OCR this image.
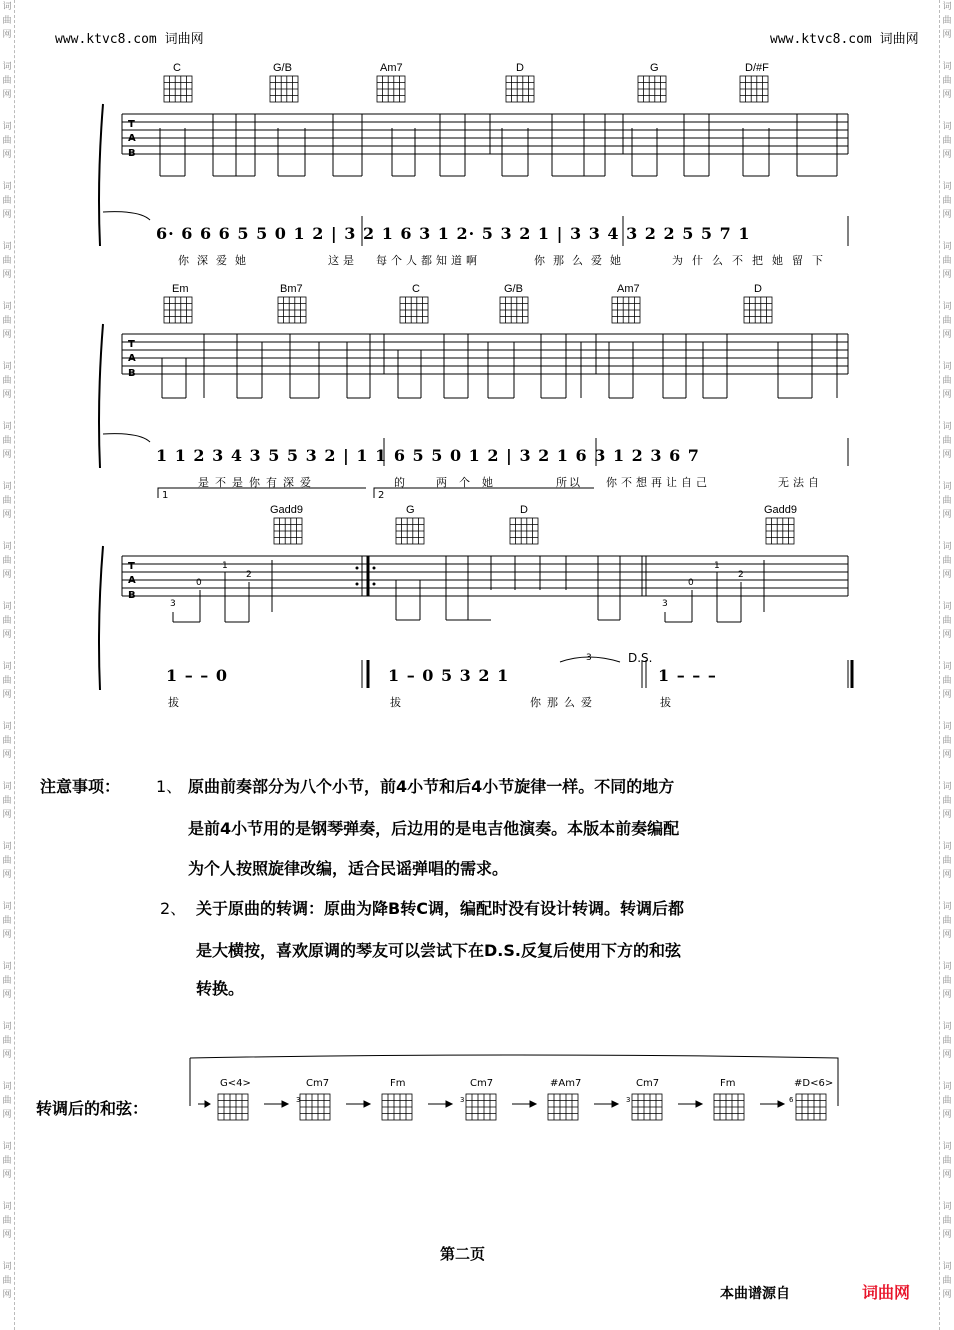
词
曲
网
词
曲
网
词
曲
网
词
曲
网
词
曲
网
词
曲
网
词
曲
网
词
曲
网
词
曲
网
词
曲
网
词
曲
网
词
曲
网
词
曲
网
词
曲
网
词
曲
网
词
曲
网
词
曲
网
词
曲
网
词
曲
网
词
曲
网
词
曲
网
词
曲
网
词
曲
网
词
曲
网
词
曲
网
词
曲
网
词
曲
网
词
曲
网
词
曲
网
词
曲
网
词
曲
网
词
曲
网
词
曲
网
词
曲
网
词
曲
网
词
曲
网
词
曲
网
词
曲
网
词
曲
网
词
曲
网
词
曲
网
词
曲
网
词
曲
网
词
曲
网
www.ktvc8.com 词曲网	www.ktvc8.com 词曲网
C	G/B	Am7	D	G	D/#F
T
A
B
Em	Bm7	C	G/B	Am7	D
T
A
B
1	2
Gadd9	G	D	Gadd9
T
A
B
3
0
1
2
3
0
1
2
D.S.
3
G<4>	Cm7	Fm	Cm7	#Am7	Cm7	Fm	#D<6>
3	3	3	6
6· 6 6 6 5 5 0 1 2 | 3 2 1 6 3 1 2· 5 3 2 1 | 3 3 4 3 2 2 5 5 7 1
1 1 2 3 4 3 5 5 3 2 | 1 1 6 5 5 0 1 2 | 3 2 1 6 3 1 2 3 6 7
1 – – 0	1 – 0 5 3 2 1	1 – – –
你深爱她	这是 每个人都知道啊	你那么爱她	为什么不把她留下
是不是你有深爱	的	两个她	所以 你不想再让自己	无法自
拔	拔	你那么爱	拔
注意事项： 1、 原曲前奏部分为八个小节，前4小节和后4小节旋律一样。不同的地方
是前4小节用的是钢琴弹奏，后边用的是电吉他演奏。本版本前奏编配
为个人按照旋律改编，适合民谣弹唱的需求。
2、 关于原曲的转调：原曲为降B转C调，编配时没有设计转调。转调后都
是大横按，喜欢原调的琴友可以尝试下在D.S.反复后使用下方的和弦
转换。
转调后的和弦：
第二页
本曲谱源自	词曲网
